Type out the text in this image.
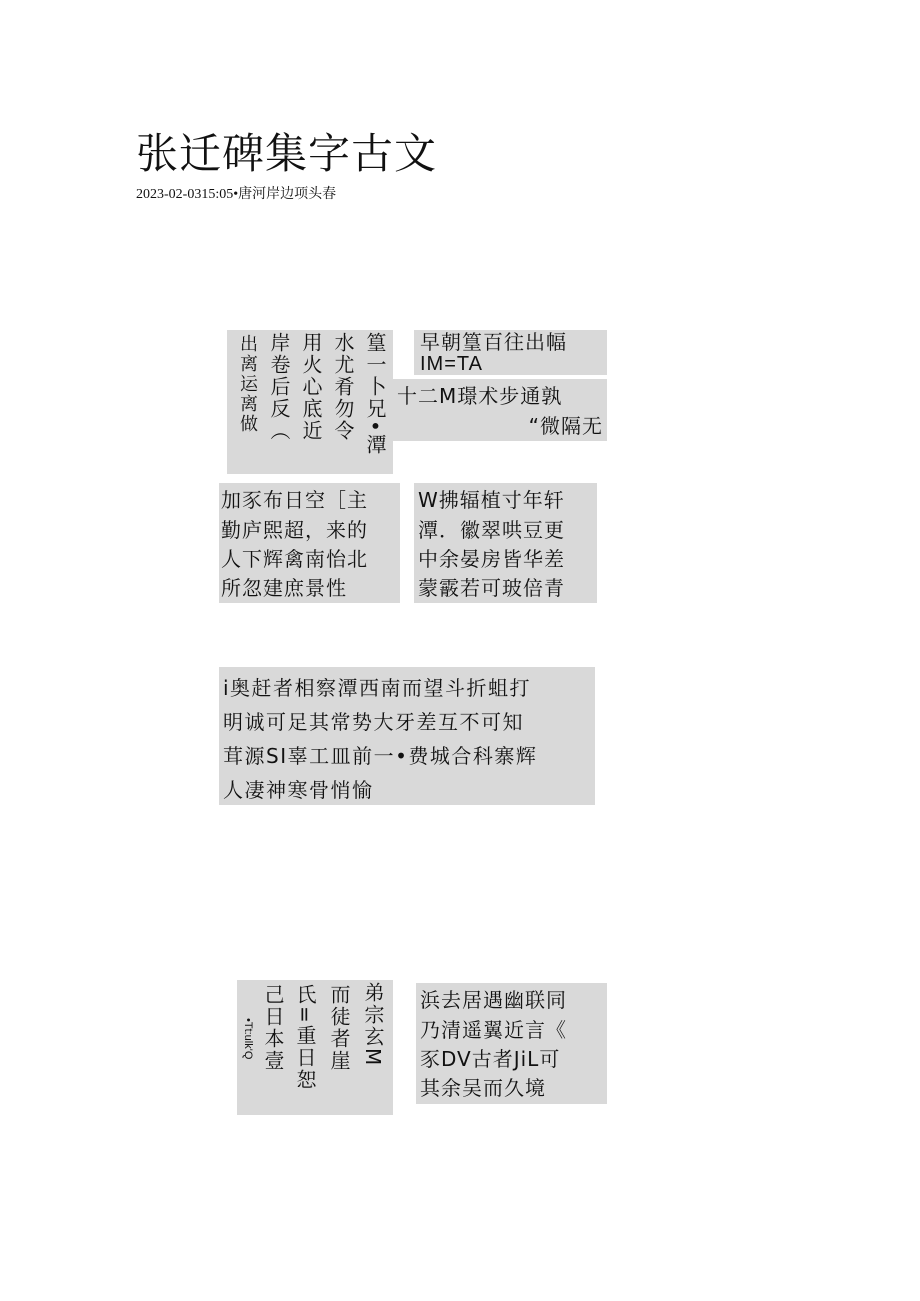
张迁碑集字古文
2023-02-0315:05•唐河岸边项头春
出离运离做 岸卷后反︵ 用火心底近 水尤肴勿令 篁一卜兄•潭 早朝篁百往出幅
IM=TA
十二M璟术步通孰
“微隔无
加豕布日空［主
勤庐𤋮超，来的
人下辉禽南怡北
所忽建庶景性
W拂辐植寸年轩
潭．徽翠哄豆更
中余晏房皆华差
蒙霰若可玻倍青
i奥赶者相察潭西南而望斗折蛆打
明诚可足其常势大牙差互不可知
茸源SI辜工皿前一•费城合科寨辉
人凄神寒骨悄愉
•Tt:ulk'Q 己日本壹 氏=重日恕 而徒者崖 弟宗玄M 浜去居遇幽联同
乃清遥翼近言《
豕DV古者JiL可
其余吴而久境
